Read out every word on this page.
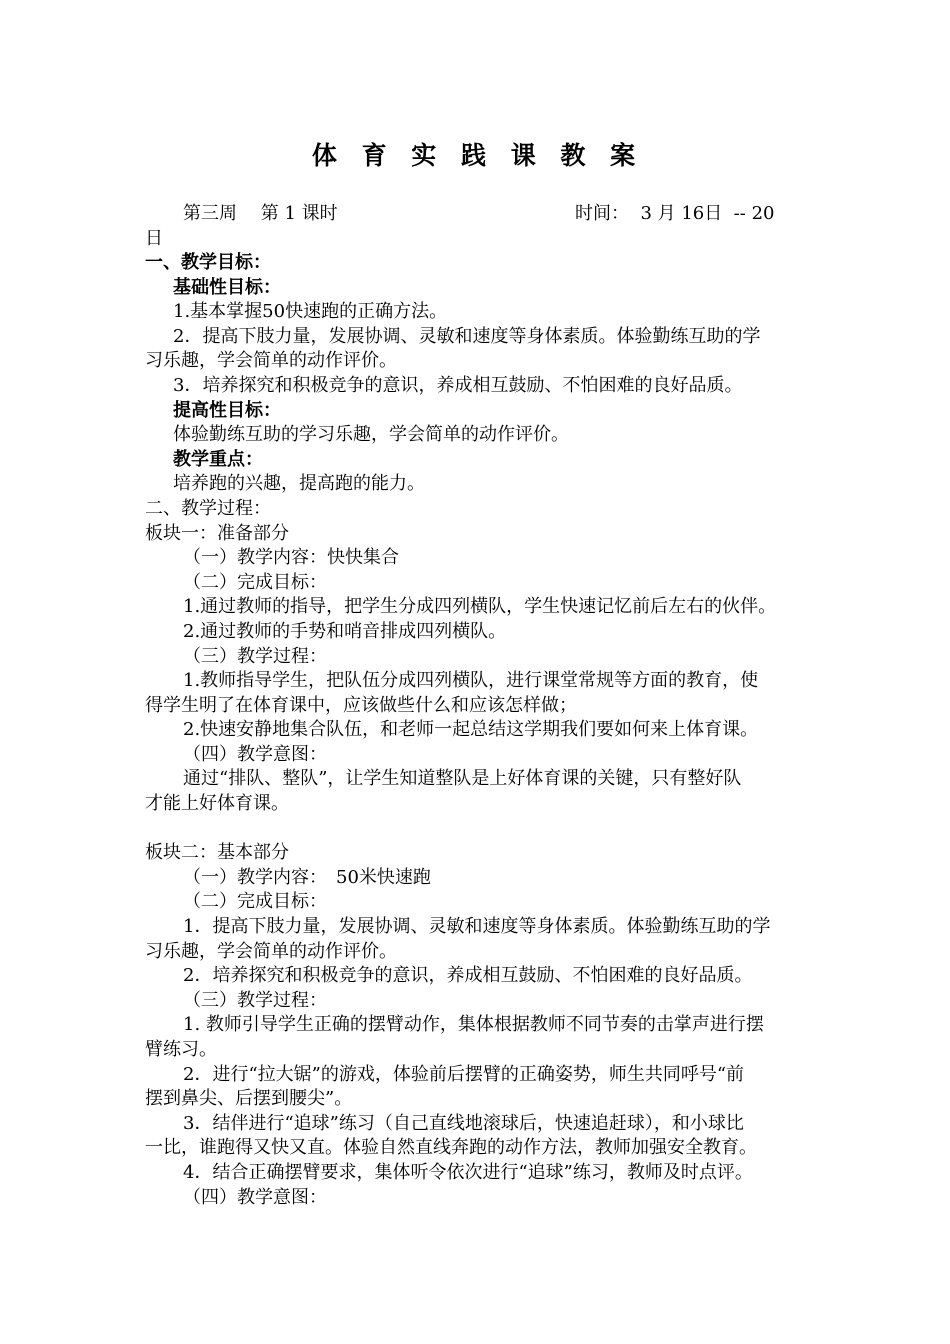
体 育 实 践 课 教 案
第三周　 第 1 课时	时间：  3 月 16日  -- 20
日
一、教学目标：
基础性目标：
1.基本掌握50快速跑的正确方法。
2．提高下肢力量，发展协调、灵敏和速度等身体素质。体验勤练互助的学
习乐趣，学会简单的动作评价。
3．培养探究和积极竞争的意识，养成相互鼓励、不怕困难的良好品质。
提高性目标：
体验勤练互助的学习乐趣，学会简单的动作评价。
教学重点：
培养跑的兴趣，提高跑的能力。
二、教学过程：
板块一：准备部分
（一）教学内容：快快集合
（二）完成目标：
1.通过教师的指导，把学生分成四列横队，学生快速记忆前后左右的伙伴。
2.通过教师的手势和哨音排成四列横队。
（三）教学过程：
1.教师指导学生，把队伍分成四列横队，进行课堂常规等方面的教育，使
得学生明了在体育课中，应该做些什么和应该怎样做；
2.快速安静地集合队伍，和老师一起总结这学期我们要如何来上体育课。
（四）教学意图：
通过“排队、整队”，让学生知道整队是上好体育课的关键，只有整好队
才能上好体育课。
板块二：基本部分
（一）教学内容：　50米快速跑
（二）完成目标：
1．提高下肢力量，发展协调、灵敏和速度等身体素质。体验勤练互助的学
习乐趣，学会简单的动作评价。
2．培养探究和积极竞争的意识，养成相互鼓励、不怕困难的良好品质。
（三）教学过程：
1. 教师引导学生正确的摆臂动作，集体根据教师不同节奏的击掌声进行摆
臂练习。
2．进行“拉大锯”的游戏，体验前后摆臂的正确姿势，师生共同呼号“前
摆到鼻尖、后摆到腰尖”。
3．结伴进行“追球”练习（自己直线地滚球后，快速追赶球），和小球比
一比，谁跑得又快又直。体验自然直线奔跑的动作方法，教师加强安全教育。
4．结合正确摆臂要求，集体听令依次进行“追球”练习，教师及时点评。
（四）教学意图：
